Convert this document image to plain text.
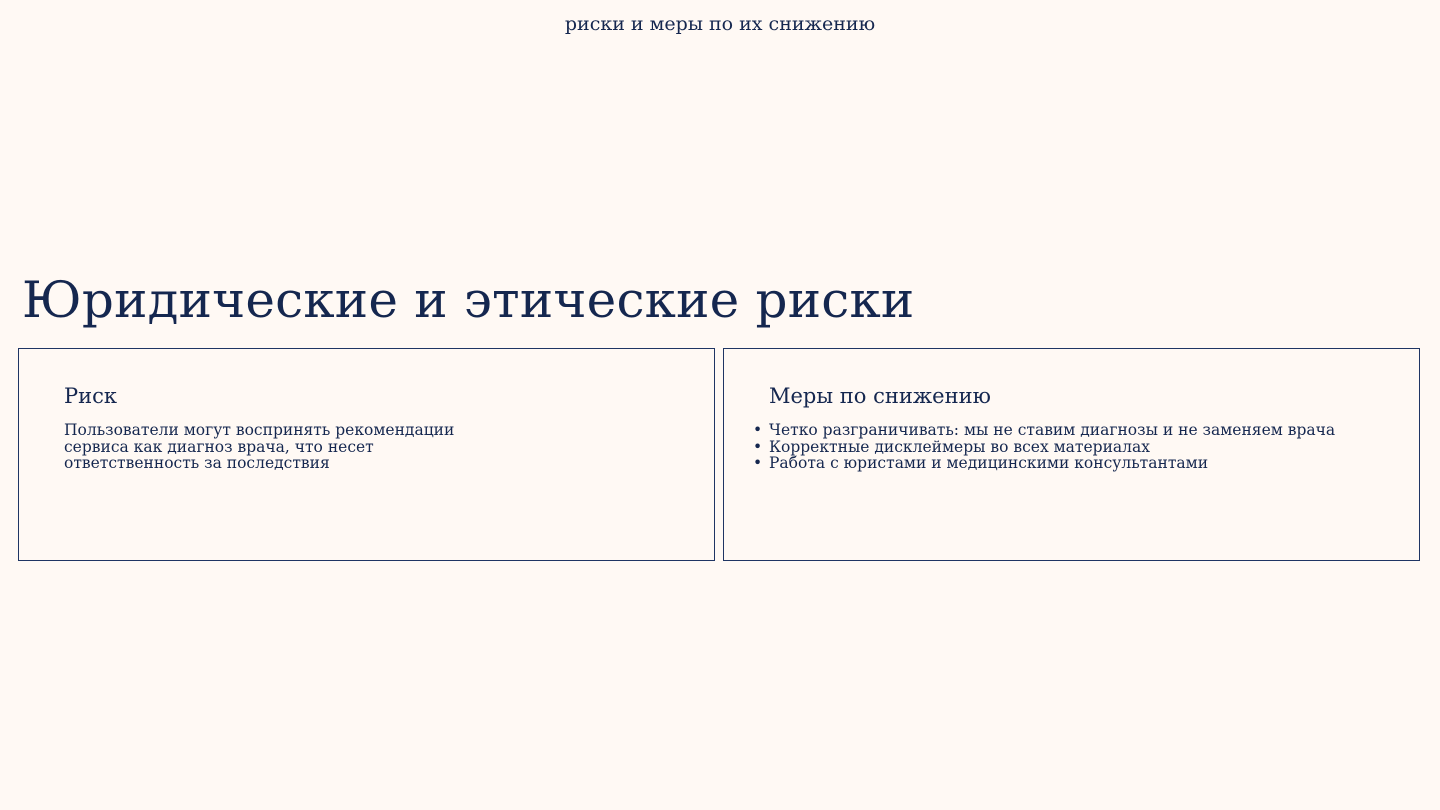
риски и меры по их снижению
Юридические и этические риски
Риск

Пользователи могут воспринять рекомендации сервиса как диагноз врача, что несет ответственность за последствия

Меры по снижению
• Четко разграничивать: мы не ставим диагнозы и не заменяем врача
• Корректные дисклеймеры во всех материалах
• Работа с юристами и медицинскими консультантами
